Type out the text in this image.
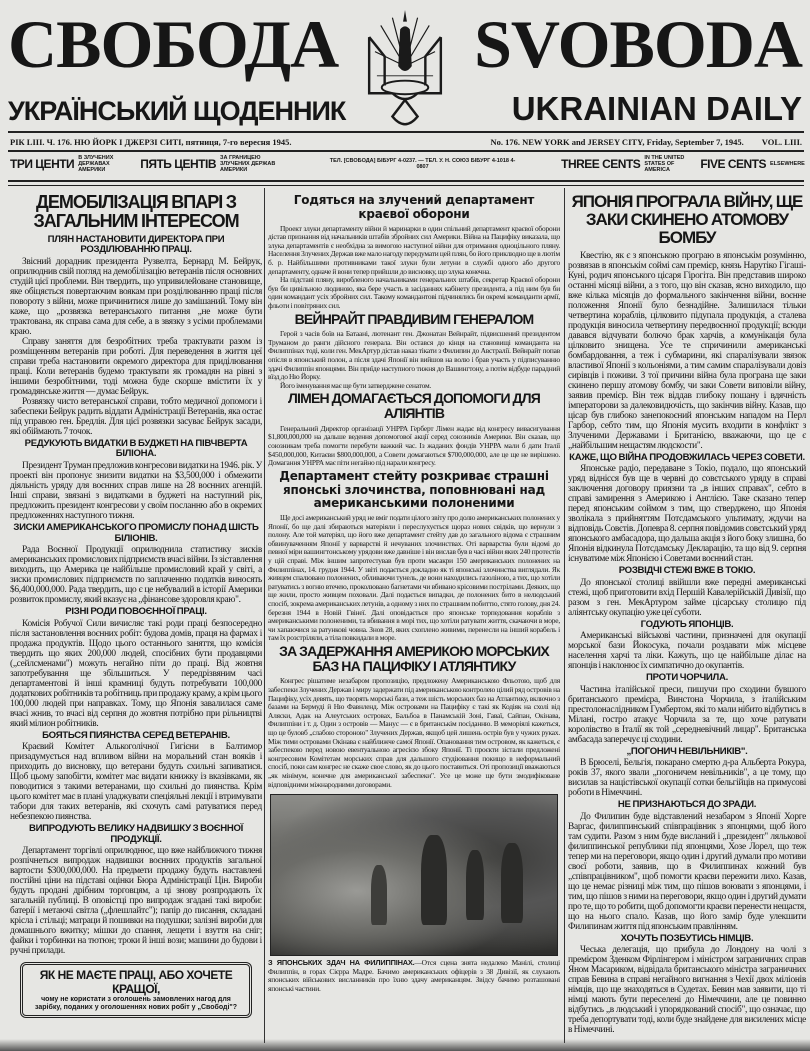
СВОБОДА SVOBODA
УКРАЇНСЬКИЙ ЩОДЕННИК	UKRAINIAN DAILY
РІК LIII. Ч. 176. НЮ ЙОРК І ДЖЕРЗІ СИТІ, пятниця, 7-го вересня 1945.	No. 176. NEW YORK and JERSEY CITY, Friday, September 7, 1945. VOL. LIII.
ТРИ ЦЕНТИ В ЗЛУЧЕНИХ ДЕРЖАВАХ АМЕРИКИ	ПЯТЬ ЦЕНТІВ ЗА ГРАНИЦЕЮ ЗЛУЧЕНИХ ДЕРЖАВ АМЕРИКИ
ТЕЛ. [СВОБОДА] БІБУРГ 4-0237. — ТЕЛ. У. Н. СОЮЗ БІБУРГ 4-1018 4-0807	THREE CENTS IN THE UNITED STATES OF AMERICA	FIVE CENTS ELSEWHERE
ДЕМОБІЛІЗАЦІЯ ВПАРІ З ЗАГАЛЬНИМ ІНТЕРЕСОМ
ПЛЯН НАСТАНОВИТИ ДИРЕКТОРА ПРИ РОЗДІЛЮВАННЮ ПРАЦІ.

Звісний дорадник президента Рузвелта, Бернард М. Бейрук, оприлюднив свій погляд на демобілізацію ветеранів після основних студій цієї проблеми. Він твердить, що упривилейоване становище, яке обіцяється повертаючим воякам при розділюванню праці після повороту з війни, може причинитися лише до замішаний. Тому він каже, що „розвязка ветеранського питання „не може бути трактована, як справа сама для себе, а в звязку з усіми проблемами краю.

Справу заняття для безробітних треба трактувати разом із розміщенням ветеранів при роботі. Для переведення в життя цеї справи треба настановити окремого директора для приділювання праці. Коли ветеранів будемо трактувати як громадян на рівні з іншими безробітними, тоді можна буде скорше вмістити їх у громадянське життя — думає Бейрук.

Розвязку чисто ветеранської справи, тобто медичної допомоги і забеспеки Бейрук радить віддати Адміністрації Ветеранів, яка остає під управою ген. Бредлія. Для цієї розвязки засуває Бейрук засади, які обіймають 7 точок.

РЕДУКУЮТЬ ВИДАТКИ В БУДЖЕТІ НА ПІВЧВЕРТА БІЛІОНА.

Президент Труман предложив конгресови видатки на 1946. рік. У проекті він пропонує знизити видатки на $3,500,000 і обмежити діяльність уряду для воєнних справ лише на 28 воєнних агенцій. Інші справи, звязані з видатками в буджеті на наступний рік, предложить президент конгресови у своїм посланню або в окремих предложеннях наступного тижня.

ЗИСКИ АМЕРИКАНСЬКОГО ПРОМИСЛУ ПОНАД ШІСТЬ БІЛІОНІВ.

Рада Воєнної Продукції оприлюднила статистику зисків американських промислових підприємств вчасі війни. Із зіставлення виходить, що Америка це найбільше промисловий край у світі, а зиски промислових підприємств по заплаченню податків виносять $6,400,000,000. Рада твердить, що є це небувалий в історії Америки розвиток промислу, який вказує на „фінансове здоровля краю".

РІЗНІ РОДИ ПОВОЄННОЇ ПРАЦІ.

Комісія Робучої Сили вичисляє такі роди праці безпосередно після застановлення воєнних робіт: будова домів, праця на фармах і продажа продуктів. Щодо цього останнього заняття, що комісія твердить що яких 200,000 людей, спосібних бути продавцями („сейлсменами") можуть негайно піти до праці. Від жовтня запотребування ще збільшиться. У передрізвяним часі департаментові й інші крамниці будуть потребувати 100,000 додаткових робітників та робітниць при продажу краму, а крім цього 100,000 людей при направках. Тому, що Японія завалилася саме вчасі жнив, то вчасі від серпня до жовтня потрібно при рільництві який мілион робітників.

БОЯТЬСЯ ПИЯНСТВА СЕРЕД ВЕТЕРАНІВ.

Краєвий Комітет Алькоголічної Гигієни в Балтимор призадумується над впливом війни на моральний стан вояків і приходить до висновку, що ветерани будуть схильні запиватися. Щоб цьому запобігти, комітет має видати книжку із вказівками, як поводитися з такими ветеранами, що схильні до пиянства. Крім цього комітет має в плані уладжувати спеціяльні лекції і втримувати табори для таких ветеранів, які схочуть самі ратуватися перед небезпекою пиянства.

ВИПРОДУЮТЬ ВЕЛИКУ НАДВИШКУ З ВОЄННОЇ ПРОДУКЦІЇ.

Департамент торгівлі оприлюднює, що вже найближчого тижня розпічнеться випродаж надвишки воєнних продуктів загальної вартости $300,000,000. На предмети продажу будуть наставлені постійні ціни на підставі оцінки Бюра Адміністрації Цін. Вироби будуть продані дрібним торговцям, а ці знову розпродають їх загальній публиці. В оповістці про випродаж згадані такі вироби: батерії і метаючі світла („флешлайтс"); папір до писання, складані крісла і стільці; матраци й пошивки на подушки; залізні вироби для домашнього вжитку; мішки до спання, лещети і взуття на сніг; файки і торбинки на тютюн; троки й інші вози; машини до будови і ручні прилади.

ЯК НЕ МАЄТЕ ПРАЦІ, АБО ХОЧЕТЕ КРАЩОЇ,
чому не користати з оголошень замовлених нагод для зарібку, поданих у оголошеннях нових робіт у „Свободі"?
Годяться на злучений департамент краєвої оборони

Проект злуки департаменту війни й маринарки в один спільний департамент краєвої оборони дістав признання від начальників штабів збройних сил Америки. Війна на Пацифіку виказала, що злука департаментів є необхідна за вимогою наступної війни для отримання одноцільного пляну. Населення Злучених Держав вже мало нагоду передумати цей плян, бо його приклюдно ще в лютім б. р. Найбільшими противниками такої злуки були летуни в службі одного або другого департаменту, одначе й вони тепер прийшли до висновку, що злука конечна.

На підставі пляну, виробленого начальниками генеральних штабів, секретар Краєвої оборони був би цивільною людиною, яка бере участь в засіданнях кабінету президента, а під ним був би один командант усіх збройних сил. Такому командантові підчинялись би окремі команданти армії, фльоти і повітряних сил.

ВЕЙНРАЙТ ПРАВДИВИМ ГЕНЕРАЛОМ

Герой з часів боїв на Батаані, лютенант ген. Джонатан Вейнрайт, підвисшений президентом Труманом до ранги дійсного генерала. Він остався до кінця на становищі команданта на Филиппінах тоді, коли ген. МекАртур дістав наказ тікати з Филипин до Австралії. Вейнрайт попав опісля в японський полон, а після здачі Японії він вийшов на волю і брав участь у підписуванню здачі Филиппін японцями. Він приїде наступного тижня до Вашингтону, а потім відбуде парадний вїзд до Ню Йорку.

Його іменування має ще бути затверджене сенатом.

ЛІМЕН ДОМАГАЄТЬСЯ ДОПОМОГИ ДЛЯ АЛІЯНТІВ

Генеральний Директор організації УНРРА Герберт Лімен жадає від конгресу вивасигування $1,800,000,000 на дальше ведення допомогової акції серед союзників Америки. Він сказав, що союзникам треба помогти перебути важкий час. Із жаданих фондів УНРРА мали б дати Італії $450,000,000, Китаєви $800,000,000, а Совети домагаються $700,000,000, але це ще не вирішено. Домагання УНРРА має піти негайно під нарали конгресу.

Департамент стейту розкриває страшні японські злочинства, поповнювані над американськими полоненими

Ще досі американський уряд не вміг подати цілого звіту про долю американських полонених у Японії, бо ще далі збираються матеріяли і переслухується щораз нових свідків, що вернули з полону. Але той матеріял, що його вже департамент стейту дав до загального відома є страшним обвинуваченням Японії у варварстві й нечуваних злочинствах. Оті варварства були відомі до певної міри вашингтонському урядови вже давніше і він вислав був в часі війни яких 240 протестів у цій справі. Між іншим запротестував був проти масакри 150 американських полонених на Филиппінах, 14. грудня 1944. У звіті подається докладно як ті японські злочинства виглядали. Як живцем спалювано полонених, обливаючи тунель, де вони находились газоліною, а тих, що хотіли ратуватись з вогню втечею, проколювано багнетами чи вбивано крісовими пострілами. Деяких, що ще жили, просто живцем поховали. Далі подається випадки, де полонених бито в нелюдський спосіб, зокрема американських летунів, а одному з них по страшним побиттю, стято голову, дня 24. березня 1944 в Новій Гвінеї. Далі оповідається про японське торпедовання кораблів з американськими полоненими, та вбивання в морі тих, що хотіли ратувати життя, скачаючи в море, чи хапаючися за ратункові човна. Знов 28, яких схоплено живими, перенесли на інший корабель і там їх розстріляли, а тіла повкидали в море.

ЗА ЗАДЕРЖАННЯ АМЕРИКОЮ МОРСЬКИХ БАЗ НА ПАЦИФІКУ І АТЛЯНТИКУ

Конгрес рішатиме незабаром пропозицію, предложену Американською Фльотою, щоб для забеспеки Злучених Держав і миру задержати під американською контролею цілий ряд островів на Пацифіку, усіх девять, що творять морські бази, а теж шість морських баз на Атлантику, включно з базами на Бермуді й Ню Фавнленд. Між островами на Пацифіку є такі як Кодіяк на схолі від Аляски, Адак на Алеутських островах, Бальбоа в Панамській Зоні, Гаваї, Сайпан, Окінава, Филиппіни і т. д. Один з островів — Манус — є в британськім посіданню. В меморіялі кажеться, що це буловб „слабою стороною" Злучених Держав, якщоб цей лишень острів був у чужих руках. Між тими островами Окінава є найближче самої Японії. Опановання тим островом, як кажеться, є забеспекою перед новою евентуальною агресією збоку Японії. Ті проєкти зістали предложені конгресовим Комітетам морських справ для дальшого студіювання покищо в неформальний спосіб, поки сам конгрес не скаже свое слово, як до цього поставиться. Оті пропозиції вважаються „як мінімум, конечне для американської забеспеки". Усе це може ще бути змодифіковане відповідними міжнародними договорами.

З ЯПОНСЬКИХ ЗДАЧ НА ФИЛИППІНАХ.—Отся сцена знята недалеко Манілі, столиці Филиппін, в горах Сієрра Мадре. Бачимо американських офіцерів з 38 Дивізії, як слухають японських військових висланників про їхню здачу американцям. Звідсу бачимо розташовані японські частини.
ЯПОНІЯ ПРОГРАЛА ВІЙНУ, ЩЕ ЗАКИ СКИНЕНО АТОМОВУ БОМБУ

Квестію, як є з японською програю в японськім розумінню, розвязав в японськім соймі сам премієр, князь Нарутіко Гігаші-Куні, родич японського цісаря Гірогіта. Він представив широко останні місяці війни, а з того, що він сказав, ясно виходило, що вже кілька місяців до формального закінчення війни, воєнне положення Японії було безнадійне. Залишилася тільки четвертина кораблів, цілковито підупала продукція, а сталева продукція виносила четвертину передвоєнної продукції; всюди давався відчувати болючо брак харчів, а комунікація була цілковито знищена. Усе те спричинили американські бомбардовання, а теж і субмарини, які спаралізували звязок властивої Японії з кольоніями, а тим самим спаралізували довіз сирівців і поживи. З тої причини війна була програна ще заки скинено першу атомову бомбу, чи заки Совети виповіли війну, заявив премієр. Він теж віддав глибоку пошану і вдячність імператорови за далековидючість, що закінчив війну. Казав, що цісар був глибоко занепокоєний японським нападом на Перл Гарбор, себто тим, що Японія мусить входити в конфлікт з Злученими Державами і Британією, вважаючи, що це є „найбільшим нещастям людскости".

КАЖЕ, ЩО ВІЙНА ПРОДОВЖИЛАСЬ ЧЕРЕЗ СОВЕТИ.

Японське радіо, передаване з Токіо, подало, що японський уряд віднісся був ще в червні до совєтського уряду в справі заключення договору приязни та „в інших справах", себто в справі замирення з Америкою і Англією. Таке сказано тепер перед японським соймом з тим, що стверджено, що Японія зволікала з прийняттям Потсдамського ультимату, ждучи на відповідь Совєтів. Допевра 8. серпня повідомив совєтський уряд японського амбасадора, що дальша акція з його боку злишна, бо Японія відкинула Потсдамську Декларацію, та що від 9. серпня існуватиме між Японією і Советами воєнний стан.

РОЗВІДЧІ СТЕЖІ ВЖЕ В ТОКІО.

До японської столиці ввійшли вже передні американські стежі, щоб приготовити вхід Першій Кавалерійській Дивізії, що разом з ген. МекАртуром займе цісарську столицю під аліянтську окупацію уже цеї суботи.

ГОДУЮТЬ ЯПОНЦІВ.

Американські військові частини, призначені для окупації морської бази Йокосука, почали роздавати між місцеве населення харчі та ліки. Кажуть, що це найбільше ділає на японців і наклонює їх симпатично до окупантів.

ПРОТИ ЧОРЧИЛА.

Частина італійської преси, пишучи про сходини бувшого британського премієра, Винстона Чорчила, з італійським престолонаслідником Гумбертом, які то мали нібито відбутись в Мілані, гостро атакує Чорчила за те, що хоче ратувати королівство в Італії як той „середневічний лицар". Британська амбасада заперечує ці сходини.

„ПОГОНИЧ НЕВІЛЬНИКІВ".

В Брюселі, Бельгія, покарано смертю д-ра Альберта Рокура, років 37, якого звали „погоничем невільників", а це тому, що висилав за націстівської окупації сотки бельгійців на примусові роботи в Німеччині.

НЕ ПРИЗНАЮТЬСЯ ДО ЗРАДИ.

До Филипин буде відставлений незабаром з Японії Хорге Варгас, филиппинський співпрацівник з японцями, щоб його там судити. Разом з ним буде висланий і „президент" лялькової филиппинської републики під японцями, Хозе Лорел, що теж тепер ми на переговори, якщо один і другий думали про мотиви своєї роботи, заявив, що в Филиппинах кожний був „співпрацівником", щоб помогти краєви пережити лихо. Казав, що це немає різниці між тим, що пішов воювати з японцями, і тим, що пішов з ними на переговори, якщо один і другий думати про те, що то робити, щоб допомогти краєви перенести нещастя, що на нього спало. Казав, що його замір буде улекшити Филипинам життя під японським правлінням.

ХОЧУТЬ ПОЗБУТИСЬ НІМЦІВ.

Чеська делегація, що прибула до Лондону на чолі з премієром Зденком Фірлінгером і міністром заграничних справ Яном Масариком, відвідала британського міністра заграничних справ Бевина в справі негайного вигнання з Чехії двох міліонів німців, що ще знаходяться в Судетах. Бевин мав заявити, що ті німці мають бути переселені до Німеччини, але це повинно відбутись „в людський і упорядкований спосіб", що означає, що треба депортувати тоді, коли буде знайдене для висилених місце в Німеччині.
